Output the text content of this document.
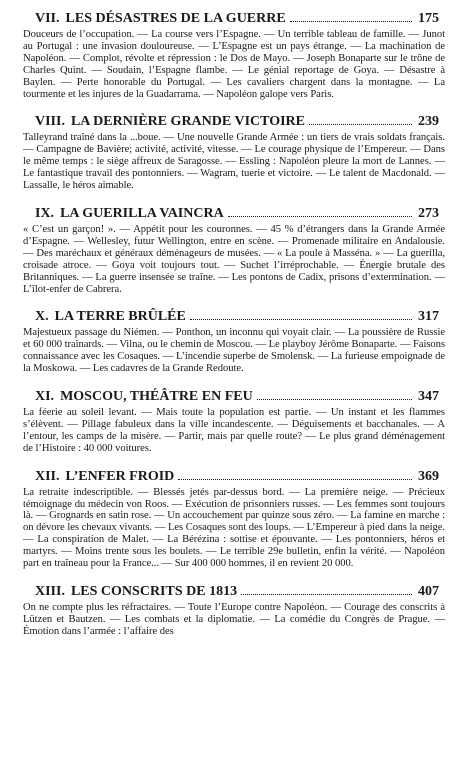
VII. LES DÉSASTRES DE LA GUERRE	175

Douceurs de l’occupation. — La course vers l’Espagne. — Un terrible tableau de famille. — Junot au Portugal : une invasion douloureuse. — L’Espagne est un pays étrange. — La machination de Napoléon. — Complot, révolte et répression : le Dos de Mayo. — Joseph Bonaparte sur le trône de Charles Quint. — Soudain, l’Espagne flambe. — Le génial reportage de Goya. — Désastre à Baylen. — Perte honorable du Portugal. — Les cavaliers chargent dans la montagne. — La tourmente et les injures de la Guadarrama. — Napoléon galope vers Paris.

VIII. LA DERNIÈRE GRANDE VICTOIRE	239

Talleyrand traîné dans la ...boue. — Une nouvelle Grande Armée : un tiers de vrais soldats français. — Campagne de Bavière; activité, activité, vitesse. — Le courage physique de l’Empereur. — Dans le même temps : le siège affreux de Saragosse. — Essling : Napoléon pleure la mort de Lannes. — Le fantastique travail des pontonniers. — Wagram, tuerie et victoire. — Le talent de Macdonald. — Lassalle, le héros aimable.

IX. LA GUERILLA VAINCRA	273

« C’est un garçon! ». — Appétit pour les couronnes. — 45 % d’étrangers dans la Grande Armée d’Espagne. — Wellesley, futur Wellington, entre en scène. — Promenade militaire en Andalousie. — Des maréchaux et généraux déménageurs de musées. — « La poule à Masséna. » — La guerilla, croisade atroce. — Goya voit toujours tout. — Suchet l’irréprochable. — Énergie brutale des Britanniques. — La guerre insensée se traîne. — Les pontons de Cadix, prisons d’extermination. — L’îlot-enfer de Cabrera.

X. LA TERRE BRÛLÉE	317

Majestueux passage du Niémen. — Ponthon, un inconnu qui voyait clair. — La poussière de Russie et 60 000 traînards. — Vilna, ou le chemin de Moscou. — Le playboy Jérôme Bonaparte. — Faisons connaissance avec les Cosaques. — L’incendie superbe de Smolensk. — La furieuse empoignade de la Moskowa. — Les cadavres de la Grande Redoute.

XI. MOSCOU, THÉÂTRE EN FEU	347

La féerie au soleil levant. — Mais toute la population est partie. — Un instant et les flammes s’élèvent. — Pillage fabuleux dans la ville incandescente. — Déguisements et bacchanales. — A l’entour, les camps de la misère. — Partir, mais par quelle route? — Le plus grand déménagement de l’Histoire : 40 000 voitures.

XII. L’ENFER FROID	369

La retraite indescriptible. — Blessés jetés par-dessus bord. — La première neige. — Précieux témoignage du médecin von Roos. — Exécution de prisonniers russes. — Les femmes sont toujours là. — Grognards en satin rose. — Un accouchement par quinze sous zéro. — La famine en marche : on dévore les chevaux vivants. — Les Cosaques sont des loups. — L’Empereur à pied dans la neige. — La conspiration de Malet. — La Bérézina : sottise et épouvante. — Les pontonniers, héros et martyrs. — Moins trente sous les boulets. — Le terrible 29e bulletin, enfin la vérité. — Napoléon part en traîneau pour la France... — Sur 400 000 hommes, il en revient 20 000.

XIII. LES CONSCRITS DE 1813	407

On ne compte plus les réfractaires. — Toute l’Europe contre Napoléon. — Courage des conscrits à Lützen et Bautzen. — Les combats et la diplomatie. — La comédie du Congrès de Prague. — Émotion dans l’armée : l’affaire des
